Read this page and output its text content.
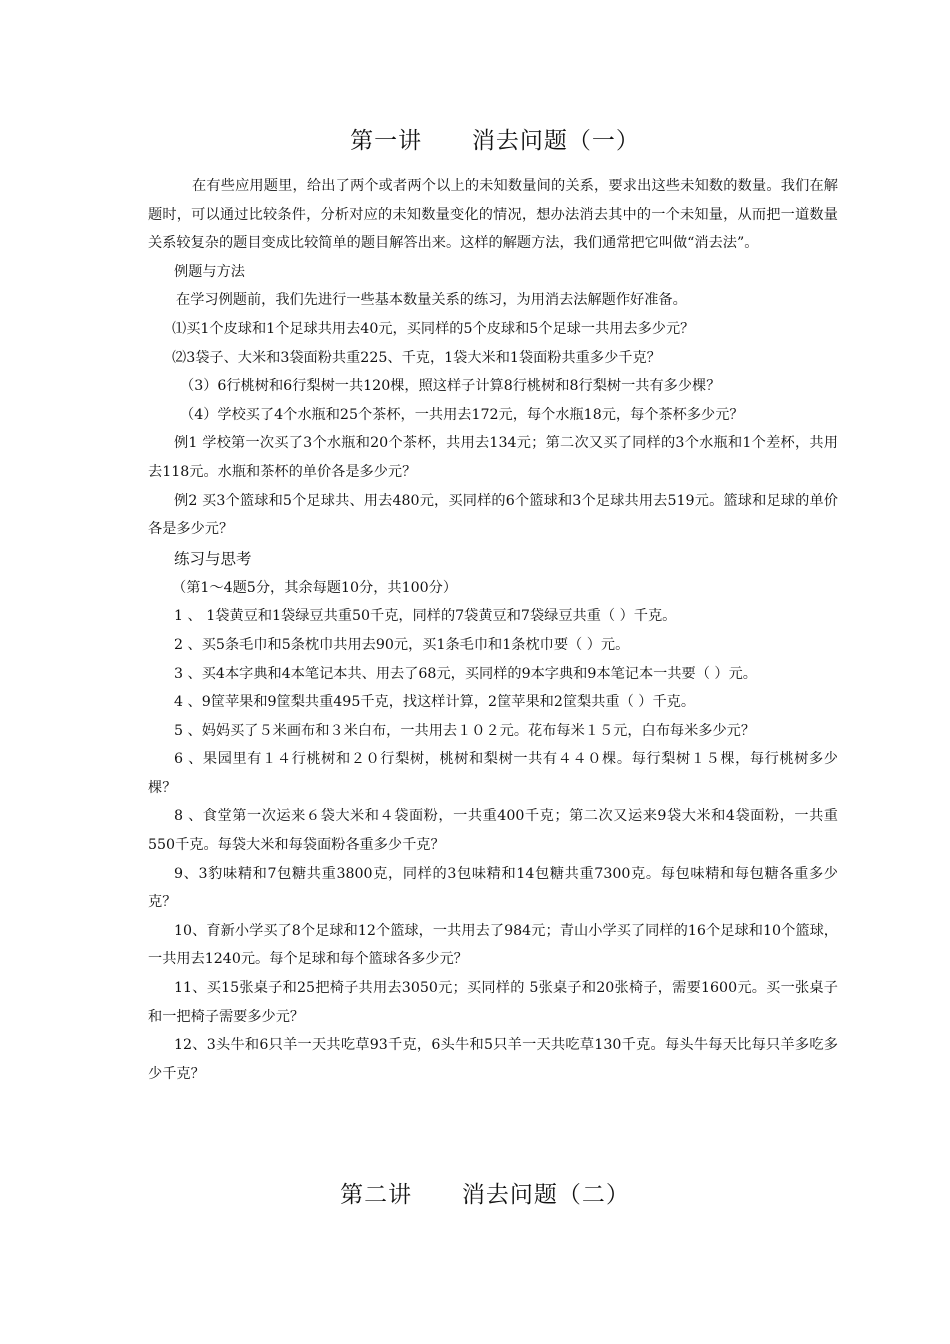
第一讲      消去问题（一）

在有些应用题里，给出了两个或者两个以上的未知数量间的关系，要求出这些未知数的数量。我们在解题时，可以通过比较条件，分析对应的未知数量变化的情况，想办法消去其中的一个未知量，从而把一道数量关系较复杂的题目变成比较简单的题目解答出来。这样的解题方法，我们通常把它叫做“消去法”。

例题与方法

在学习例题前，我们先进行一些基本数量关系的练习，为用消去法解题作好准备。

⑴买1个皮球和1个足球共用去40元，买同样的5个皮球和5个足球一共用去多少元？

⑵3袋子、大米和3袋面粉共重225、千克，1袋大米和1袋面粉共重多少千克？

（3）6行桃树和6行梨树一共120棵，照这样子计算8行桃树和8行梨树一共有多少棵？

（4）学校买了4个水瓶和25个茶杯，一共用去172元，每个水瓶18元，每个茶杯多少元？

例1 学校第一次买了3个水瓶和20个茶杯，共用去134元；第二次又买了同样的3个水瓶和1个差杯，共用去118元。水瓶和茶杯的单价各是多少元？

例2 买3个篮球和5个足球共、用去480元，买同样的6个篮球和3个足球共用去519元。篮球和足球的单价各是多少元？

练习与思考

（第1～4题5分，其余每题10分，共100分）

1 、 1袋黄豆和1袋绿豆共重50千克，同样的7袋黄豆和7袋绿豆共重（ ）千克。

2 、买5条毛巾和5条枕巾共用去90元，买1条毛巾和1条枕巾要（ ）元。

3 、买4本字典和4本笔记本共、用去了68元，买同样的9本字典和9本笔记本一共要（ ）元。

4 、9筐苹果和9筐梨共重495千克，找这样计算，2筐苹果和2筐梨共重（ ）千克。

5 、妈妈买了５米画布和３米白布，一共用去１０２元。花布每米１５元，白布每米多少元？

6 、果园里有１４行桃树和２０行梨树，桃树和梨树一共有４４０棵。每行梨树１５棵，每行桃树多少棵？

8 、食堂第一次运来６袋大米和４袋面粉，一共重400千克；第二次又运来9袋大米和4袋面粉，一共重550千克。每袋大米和每袋面粉各重多少千克？

9、3豹味精和7包糖共重3800克，同样的3包味精和14包糖共重7300克。每包味精和每包糖各重多少克？

10、育新小学买了8个足球和12个篮球，一共用去了984元；青山小学买了同样的16个足球和10个篮球，一共用去1240元。每个足球和每个篮球各多少元？

11、买15张桌子和25把椅子共用去3050元；买同样的 5张桌子和20张椅子，需要1600元。买一张桌子和一把椅子需要多少元？

12、3头牛和6只羊一天共吃草93千克，6头牛和5只羊一天共吃草130千克。每头牛每天比每只羊多吃多少千克？

第二讲      消去问题（二）
